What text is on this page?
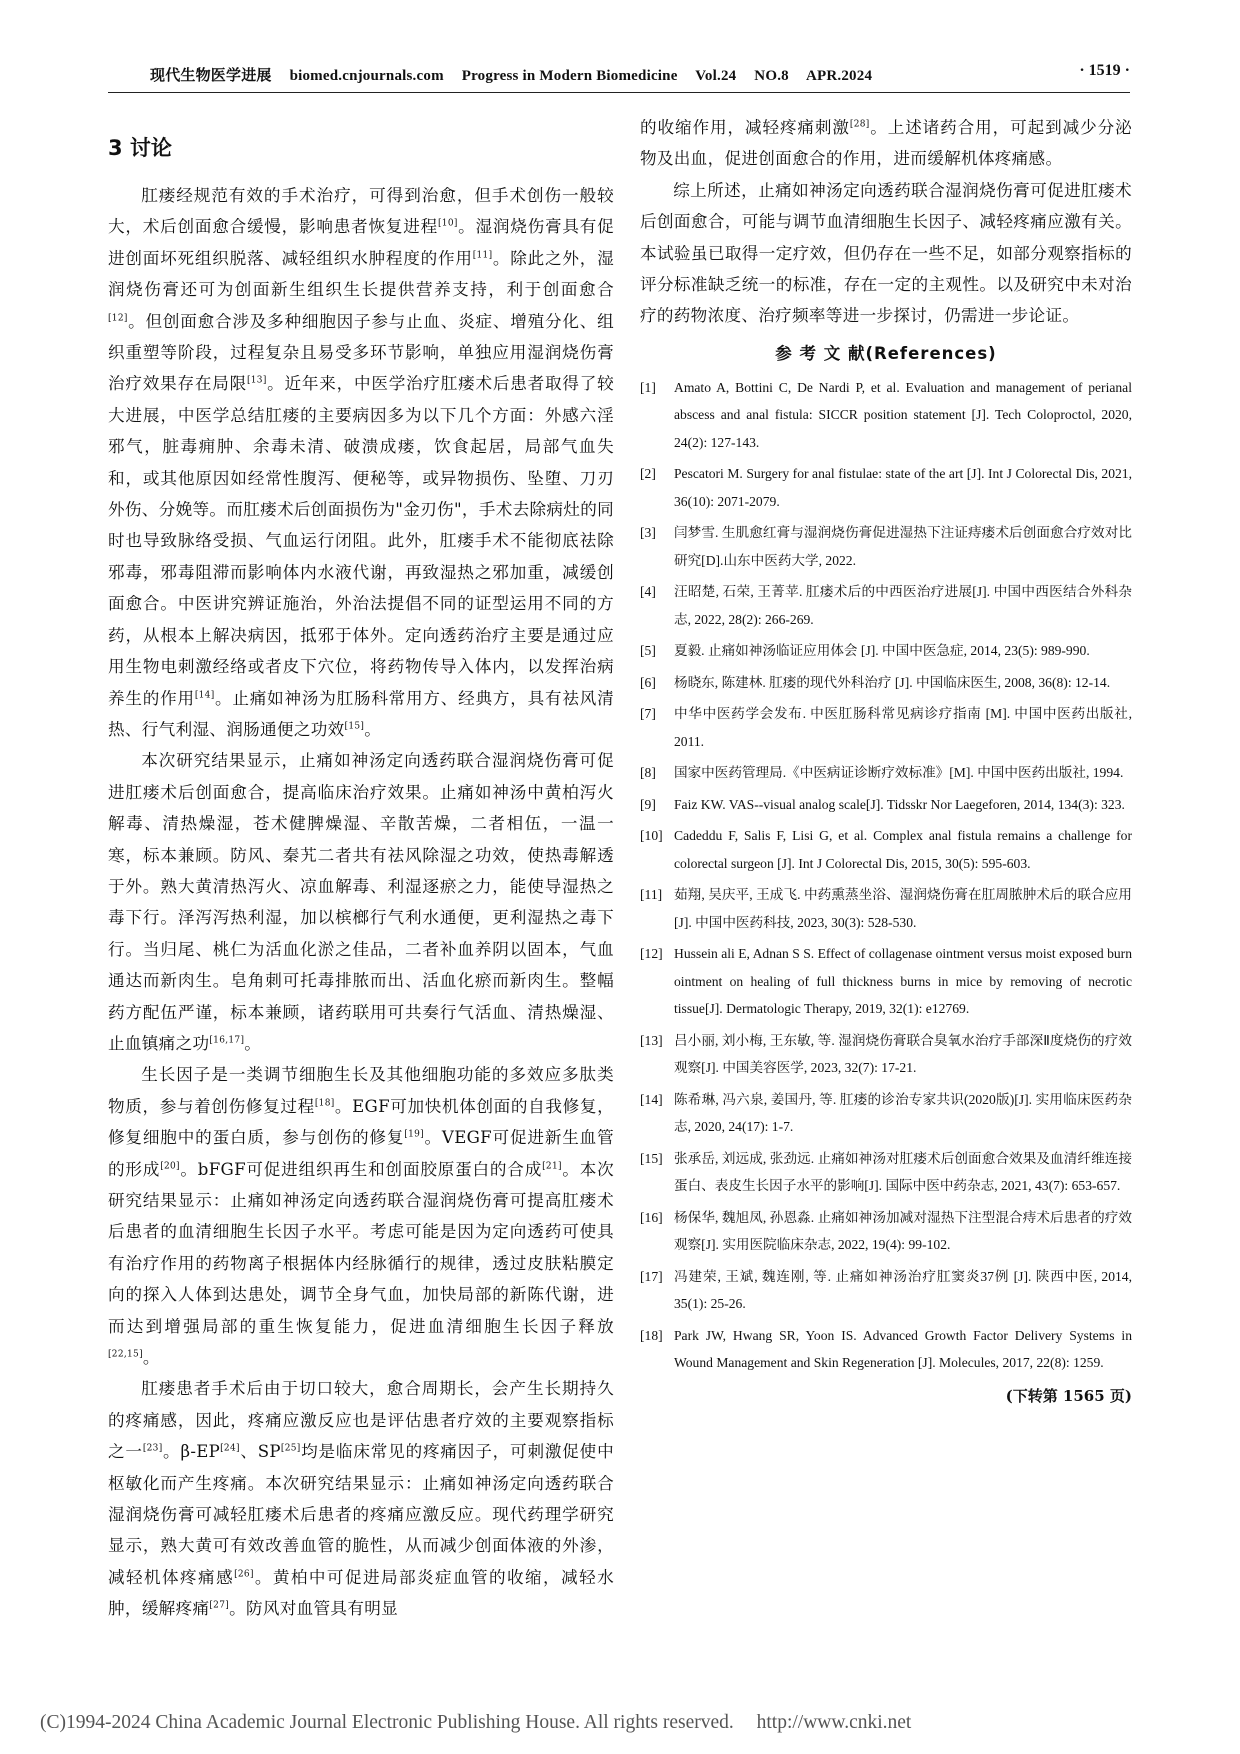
现代生物医学进展 biomed.cnjournals.com Progress in Modern Biomedicine Vol.24 NO.8 APR.2024	· 1519 ·
3 讨论

肛瘘经规范有效的手术治疗，可得到治愈，但手术创伤一般较大，术后创面愈合缓慢，影响患者恢复进程[10]。湿润烧伤膏具有促进创面坏死组织脱落、减轻组织水肿程度的作用[11]。除此之外，湿润烧伤膏还可为创面新生组织生长提供营养支持，利于创面愈合[12]。但创面愈合涉及多种细胞因子参与止血、炎症、增殖分化、组织重塑等阶段，过程复杂且易受多环节影响，单独应用湿润烧伤膏治疗效果存在局限[13]。近年来，中医学治疗肛瘘术后患者取得了较大进展，中医学总结肛瘘的主要病因多为以下几个方面：外感六淫邪气，脏毒痈肿、余毒未清、破溃成瘘，饮食起居，局部气血失和，或其他原因如经常性腹泻、便秘等，或异物损伤、坠堕、刀刃外伤、分娩等。而肛瘘术后创面损伤为"金刃伤"，手术去除病灶的同时也导致脉络受损、气血运行闭阻。此外，肛瘘手术不能彻底祛除邪毒，邪毒阻滞而影响体内水液代谢，再致湿热之邪加重，减缓创面愈合。中医讲究辨证施治，外治法提倡不同的证型运用不同的方药，从根本上解决病因，抵邪于体外。定向透药治疗主要是通过应用生物电刺激经络或者皮下穴位，将药物传导入体内，以发挥治病养生的作用[14]。止痛如神汤为肛肠科常用方、经典方，具有祛风清热、行气利湿、润肠通便之功效[15]。

本次研究结果显示，止痛如神汤定向透药联合湿润烧伤膏可促进肛瘘术后创面愈合，提高临床治疗效果。止痛如神汤中黄柏泻火解毒、清热燥湿，苍术健脾燥湿、辛散苦燥，二者相伍，一温一寒，标本兼顾。防风、秦艽二者共有祛风除湿之功效，使热毒解透于外。熟大黄清热泻火、凉血解毒、利湿逐瘀之力，能使导湿热之毒下行。泽泻泻热利湿，加以槟榔行气利水通便，更利湿热之毒下行。当归尾、桃仁为活血化淤之佳品，二者补血养阴以固本，气血通达而新肉生。皂角刺可托毒排脓而出、活血化瘀而新肉生。整幅药方配伍严谨，标本兼顾，诸药联用可共奏行气活血、清热燥湿、止血镇痛之功[16,17]。

生长因子是一类调节细胞生长及其他细胞功能的多效应多肽类物质，参与着创伤修复过程[18]。EGF可加快机体创面的自我修复，修复细胞中的蛋白质，参与创伤的修复[19]。VEGF可促进新生血管的形成[20]。bFGF可促进组织再生和创面胶原蛋白的合成[21]。本次研究结果显示：止痛如神汤定向透药联合湿润烧伤膏可提高肛瘘术后患者的血清细胞生长因子水平。考虑可能是因为定向透药可使具有治疗作用的药物离子根据体内经脉循行的规律，透过皮肤粘膜定向的探入人体到达患处，调节全身气血，加快局部的新陈代谢，进而达到增强局部的重生恢复能力，促进血清细胞生长因子释放[22,15]。

肛瘘患者手术后由于切口较大，愈合周期长，会产生长期持久的疼痛感，因此，疼痛应激反应也是评估患者疗效的主要观察指标之一[23]。β-EP[24]、SP[25]均是临床常见的疼痛因子，可刺激促使中枢敏化而产生疼痛。本次研究结果显示：止痛如神汤定向透药联合湿润烧伤膏可减轻肛瘘术后患者的疼痛应激反应。现代药理学研究显示，熟大黄可有效改善血管的脆性，从而减少创面体液的外渗，减轻机体疼痛感[26]。黄柏中可促进局部炎症血管的收缩，减轻水肿，缓解疼痛[27]。防风对血管具有明显

的收缩作用，减轻疼痛刺激[28]。上述诸药合用，可起到减少分泌物及出血，促进创面愈合的作用，进而缓解机体疼痛感。

综上所述，止痛如神汤定向透药联合湿润烧伤膏可促进肛瘘术后创面愈合，可能与调节血清细胞生长因子、减轻疼痛应激有关。本试验虽已取得一定疗效，但仍存在一些不足，如部分观察指标的评分标准缺乏统一的标准，存在一定的主观性。以及研究中未对治疗的药物浓度、治疗频率等进一步探讨，仍需进一步论证。

参 考 文 献(References)
[1] Amato A, Bottini C, De Nardi P, et al. Evaluation and management of perianal abscess and anal fistula: SICCR position statement [J]. Tech Coloproctol, 2020, 24(2): 127-143.
[2] Pescatori M. Surgery for anal fistulae: state of the art [J]. Int J Colorectal Dis, 2021, 36(10): 2071-2079.
[3] 闫梦雪. 生肌愈红膏与湿润烧伤膏促进湿热下注证痔瘘术后创面愈合疗效对比研究[D].山东中医药大学, 2022.
[4] 汪昭楚, 石荣, 王菁苹. 肛瘘术后的中西医治疗进展[J]. 中国中西医结合外科杂志, 2022, 28(2): 266-269.
[5] 夏毅. 止痛如神汤临证应用体会 [J]. 中国中医急症, 2014, 23(5): 989-990.
[6] 杨晓东, 陈建林. 肛瘘的现代外科治疗 [J]. 中国临床医生, 2008, 36(8): 12-14.
[7] 中华中医药学会发布. 中医肛肠科常见病诊疗指南 [M]. 中国中医药出版社, 2011.
[8] 国家中医药管理局.《中医病证诊断疗效标准》[M]. 中国中医药出版社, 1994.
[9] Faiz KW. VAS--visual analog scale[J]. Tidsskr Nor Laegeforen, 2014, 134(3): 323.
[10] Cadeddu F, Salis F, Lisi G, et al. Complex anal fistula remains a challenge for colorectal surgeon [J]. Int J Colorectal Dis, 2015, 30(5): 595-603.
[11] 茹翔, 吴庆平, 王成飞. 中药熏蒸坐浴、湿润烧伤膏在肛周脓肿术后的联合应用[J]. 中国中医药科技, 2023, 30(3): 528-530.
[12] Hussein ali E, Adnan S S. Effect of collagenase ointment versus moist exposed burn ointment on healing of full thickness burns in mice by removing of necrotic tissue[J]. Dermatologic Therapy, 2019, 32(1): e12769.
[13] 吕小丽, 刘小梅, 王东敏, 等. 湿润烧伤膏联合臭氧水治疗手部深Ⅱ度烧伤的疗效观察[J]. 中国美容医学, 2023, 32(7): 17-21.
[14] 陈希琳, 冯六泉, 姜国丹, 等. 肛瘘的诊治专家共识(2020版)[J]. 实用临床医药杂志, 2020, 24(17): 1-7.
[15] 张承岳, 刘远成, 张劲远. 止痛如神汤对肛瘘术后创面愈合效果及血清纤维连接蛋白、表皮生长因子水平的影响[J]. 国际中医中药杂志, 2021, 43(7): 653-657.
[16] 杨保华, 魏旭凤, 孙恩淼. 止痛如神汤加减对湿热下注型混合痔术后患者的疗效观察[J]. 实用医院临床杂志, 2022, 19(4): 99-102.
[17] 冯建荣, 王斌, 魏连刚, 等. 止痛如神汤治疗肛窦炎37例 [J]. 陕西中医, 2014, 35(1): 25-26.
[18] Park JW, Hwang SR, Yoon IS. Advanced Growth Factor Delivery Systems in Wound Management and Skin Regeneration [J]. Molecules, 2017, 22(8): 1259.
(下转第 1565 页)
(C)1994-2024 China Academic Journal Electronic Publishing House. All rights reserved. http://www.cnki.net
